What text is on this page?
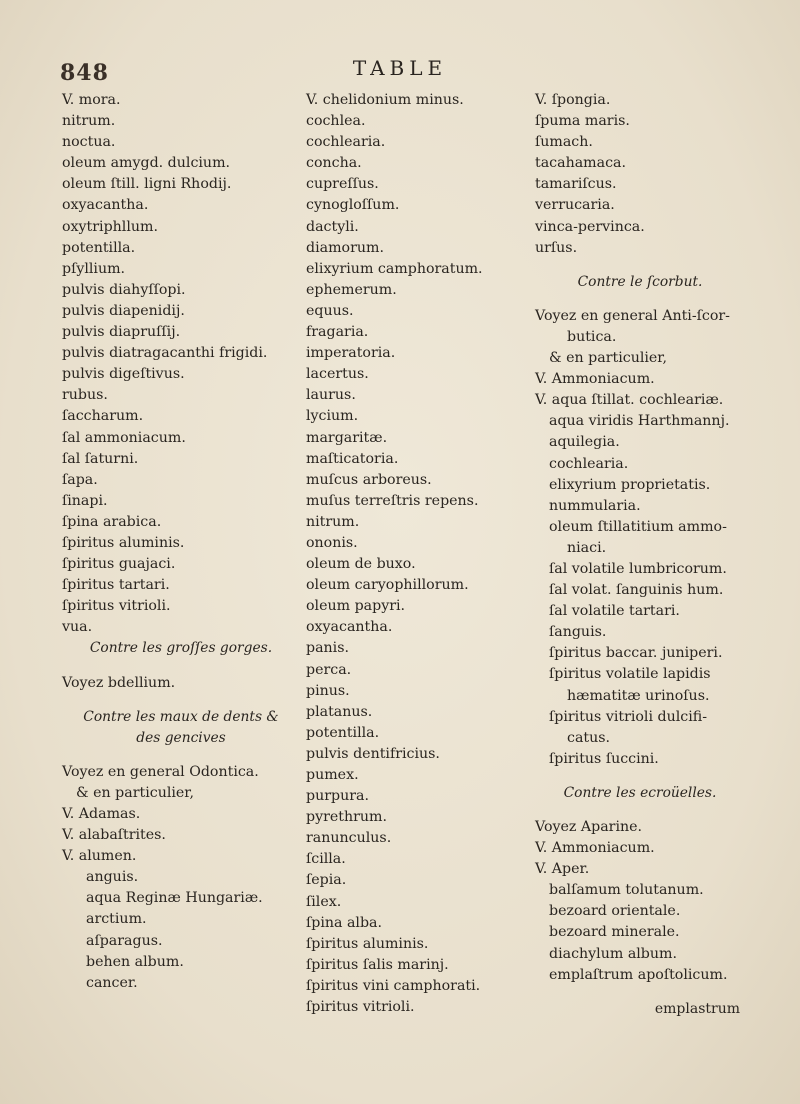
848	TABLE
V. mora.
nitrum.
noctua.
oleum amygd. dulcium.
oleum ſtill. ligni Rhodij.
oxyacantha.
oxytriphllum.
potentilla.
pſyllium.
pulvis diahyſſopi.
pulvis diapenidij.
pulvis diapruſſij.
pulvis diatragacanthi frigidi.
pulvis digeſtivus.
rubus.
ſaccharum.
ſal ammoniacum.
ſal ſaturni.
ſapa.
ſinapi.
ſpina arabica.
ſpiritus aluminis.
ſpiritus guajaci.
ſpiritus tartari.
ſpiritus vitrioli.
vua.
Contre les groſſes gorges.
Voyez bdellium.
Contre les maux de dents &
des gencives
Voyez en general Odontica.
& en particulier,
V. Adamas.
V. alabaſtrites.
V. alumen.
anguis.
aqua Reginæ Hungariæ.
arctium.
aſparagus.
behen album.
cancer.
V. chelidonium minus.
cochlea.
cochlearia.
concha.
cupreſſus.
cynogloſſum.
dactyli.
diamorum.
elixyrium camphoratum.
ephemerum.
equus.
fragaria.
imperatoria.
lacertus.
laurus.
lycium.
margaritæ.
maſticatoria.
muſcus arboreus.
muſus terreſtris repens.
nitrum.
ononis.
oleum de buxo.
oleum caryophillorum.
oleum papyri.
oxyacantha.
panis.
perca.
pinus.
platanus.
potentilla.
pulvis dentifricius.
pumex.
purpura.
pyrethrum.
ranunculus.
ſcilla.
ſepia.
ſilex.
ſpina alba.
ſpiritus aluminis.
ſpiritus ſalis marinj.
ſpiritus vini camphorati.
ſpiritus vitrioli.
V. ſpongia.
ſpuma maris.
ſumach.
tacahamaca.
tamariſcus.
verrucaria.
vinca-pervinca.
urſus.
Contre le ſcorbut.
Voyez en general Anti-ſcor-
butica.
& en particulier,
V. Ammoniacum.
V. aqua ſtillat. cochleariæ.
aqua viridis Harthmannj.
aquilegia.
cochlearia.
elixyrium proprietatis.
nummularia.
oleum ſtillatitium ammo-
niaci.
ſal volatile lumbricorum.
ſal volat. ſanguinis hum.
ſal volatile tartari.
ſanguis.
ſpiritus baccar. juniperi.
ſpiritus volatile lapidis
hæmatitæ urinoſus.
ſpiritus vitrioli dulcifi-
catus.
ſpiritus ſuccini.
Contre les ecroüelles.
Voyez Aparine.
V. Ammoniacum.
V. Aper.
balſamum tolutanum.
bezoard orientale.
bezoard minerale.
diachylum album.
emplaſtrum apoſtolicum.
emplastrum
